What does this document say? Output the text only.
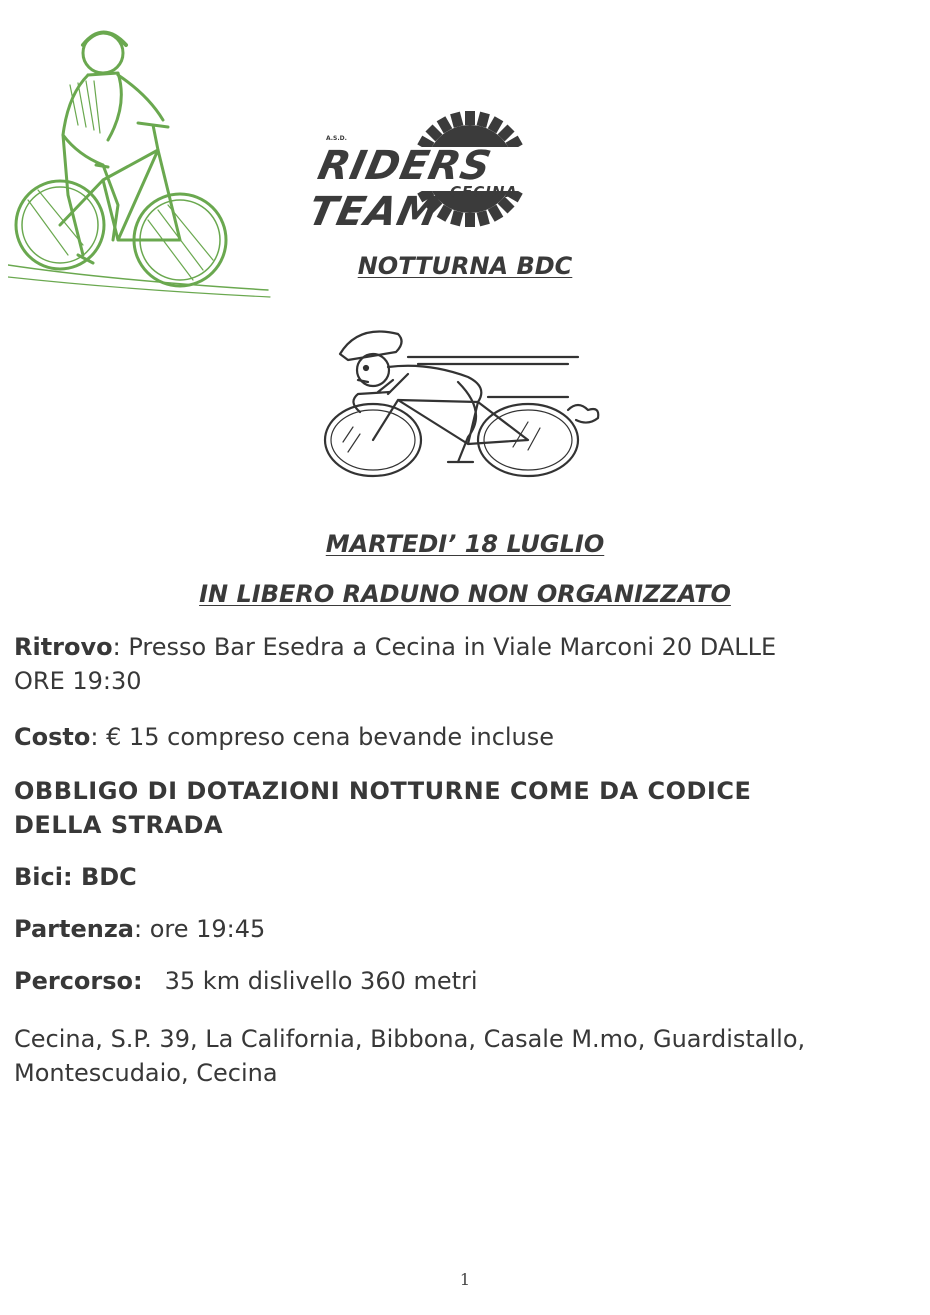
A.S.D.
RIDERS TEAM CECINA
NOTTURNA BDC
MARTEDI’ 18 LUGLIO
IN LIBERO RADUNO NON ORGANIZZATO
Ritrovo: Presso Bar Esedra a Cecina in Viale Marconi 20 DALLE
ORE 19:30
Costo: € 15 compreso cena bevande incluse
OBBLIGO DI DOTAZIONI NOTTURNE COME DA CODICE
DELLA STRADA
Bici: BDC
Partenza: ore 19:45
Percorso: 35 km dislivello 360 metri
Cecina, S.P. 39, La California, Bibbona, Casale M.mo, Guardistallo,
Montescudaio, Cecina
1
